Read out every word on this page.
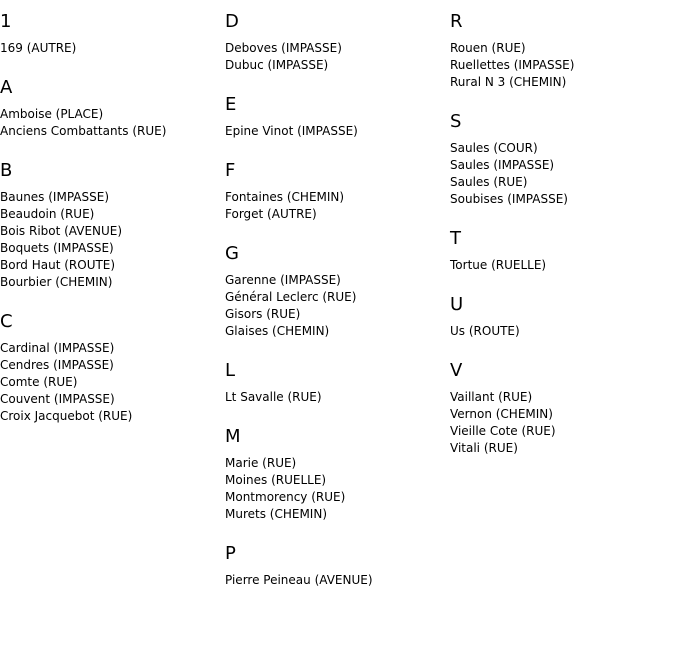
1
169 (AUTRE)
A
Amboise (PLACE)
Anciens Combattants (RUE)
B
Baunes (IMPASSE)
Beaudoin (RUE)
Bois Ribot (AVENUE)
Boquets (IMPASSE)
Bord Haut (ROUTE)
Bourbier (CHEMIN)
C
Cardinal (IMPASSE)
Cendres (IMPASSE)
Comte (RUE)
Couvent (IMPASSE)
Croix Jacquebot (RUE)
D
Deboves (IMPASSE)
Dubuc (IMPASSE)
E
Epine Vinot (IMPASSE)
F
Fontaines (CHEMIN)
Forget (AUTRE)
G
Garenne (IMPASSE)
Général Leclerc (RUE)
Gisors (RUE)
Glaises (CHEMIN)
L
Lt Savalle (RUE)
M
Marie (RUE)
Moines (RUELLE)
Montmorency (RUE)
Murets (CHEMIN)
P
Pierre Peineau (AVENUE)
R
Rouen (RUE)
Ruellettes (IMPASSE)
Rural N 3 (CHEMIN)
S
Saules (COUR)
Saules (IMPASSE)
Saules (RUE)
Soubises (IMPASSE)
T
Tortue (RUELLE)
U
Us (ROUTE)
V
Vaillant (RUE)
Vernon (CHEMIN)
Vieille Cote (RUE)
Vitali (RUE)
